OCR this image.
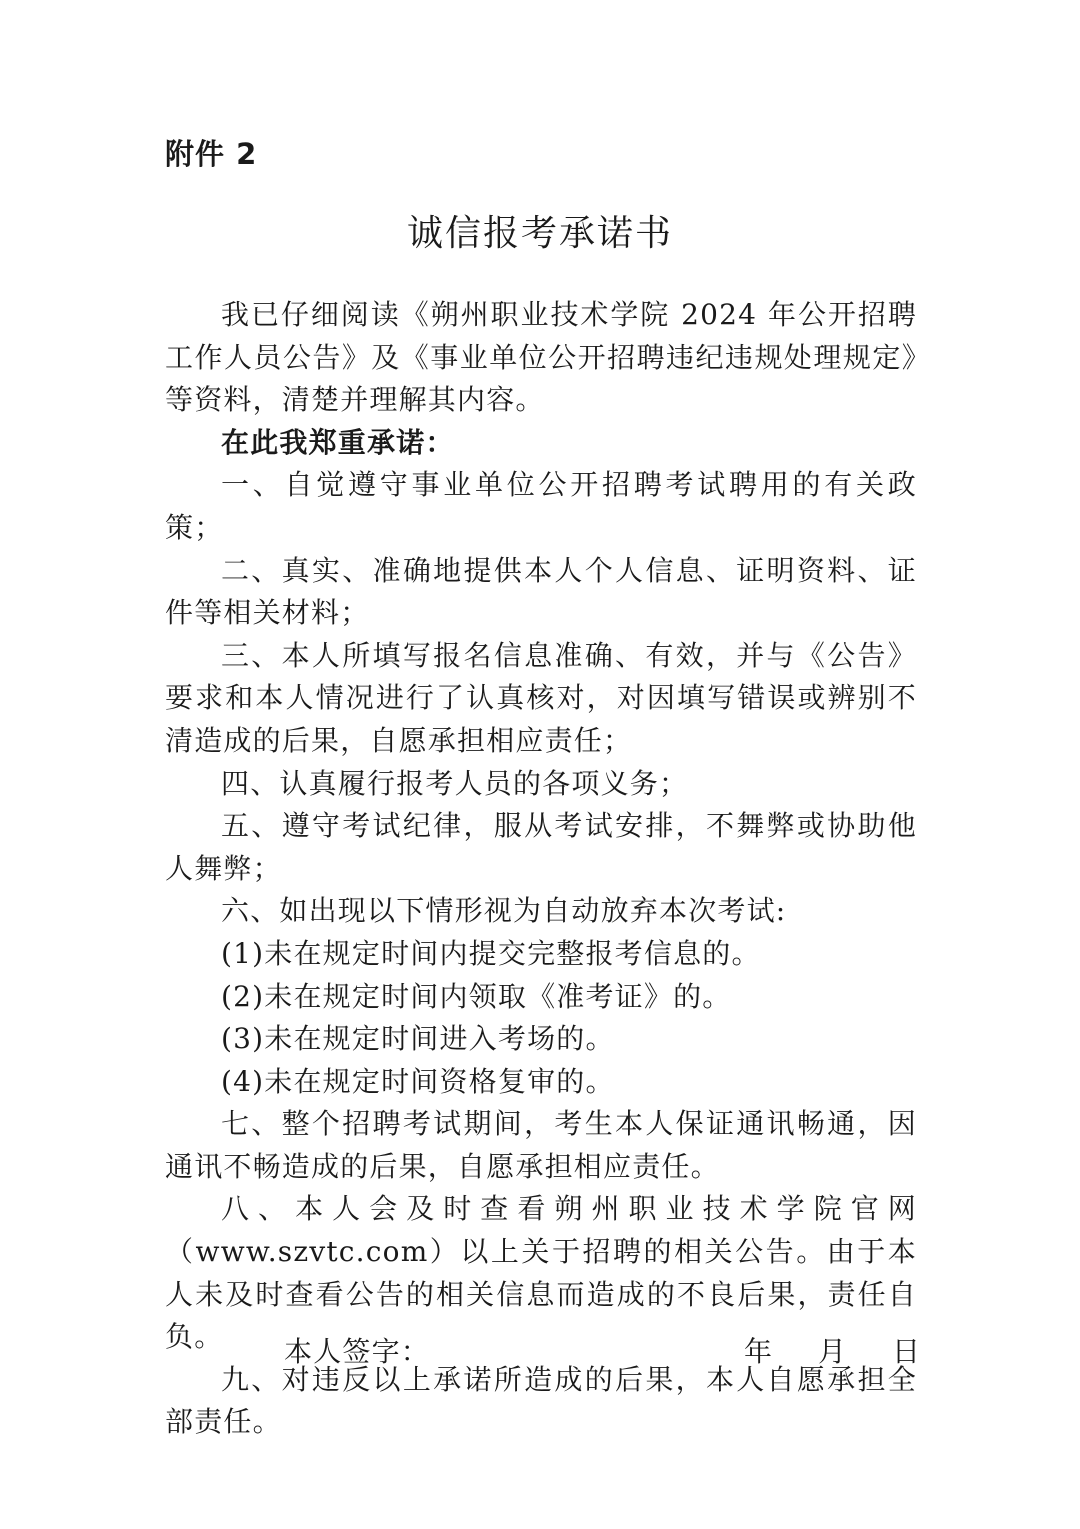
附件 2

诚信报考承诺书

我已仔细阅读《朔州职业技术学院 2024 年公开招聘工作人员公告》及《事业单位公开招聘违纪违规处理规定》等资料，清楚并理解其内容。

在此我郑重承诺：

一、自觉遵守事业单位公开招聘考试聘用的有关政策；

二、真实、准确地提供本人个人信息、证明资料、证件等相关材料；

三、本人所填写报名信息准确、有效，并与《公告》要求和本人情况进行了认真核对，对因填写错误或辨别不清造成的后果，自愿承担相应责任；

四、认真履行报考人员的各项义务；

五、遵守考试纪律，服从考试安排，不舞弊或协助他人舞弊；

六、如出现以下情形视为自动放弃本次考试:

(1)未在规定时间内提交完整报考信息的。

(2)未在规定时间内领取《准考证》的。

(3)未在规定时间进入考场的。

(4)未在规定时间资格复审的。

七、整个招聘考试期间，考生本人保证通讯畅通，因通讯不畅造成的后果，自愿承担相应责任。

八、本人会及时查看朔州职业技术学院官网（www.szvtc.com）以上关于招聘的相关公告。由于本人未及时查看公告的相关信息而造成的不良后果，责任自负。

九、对违反以上承诺所造成的后果，本人自愿承担全部责任。

本人签字：	年 月 日
